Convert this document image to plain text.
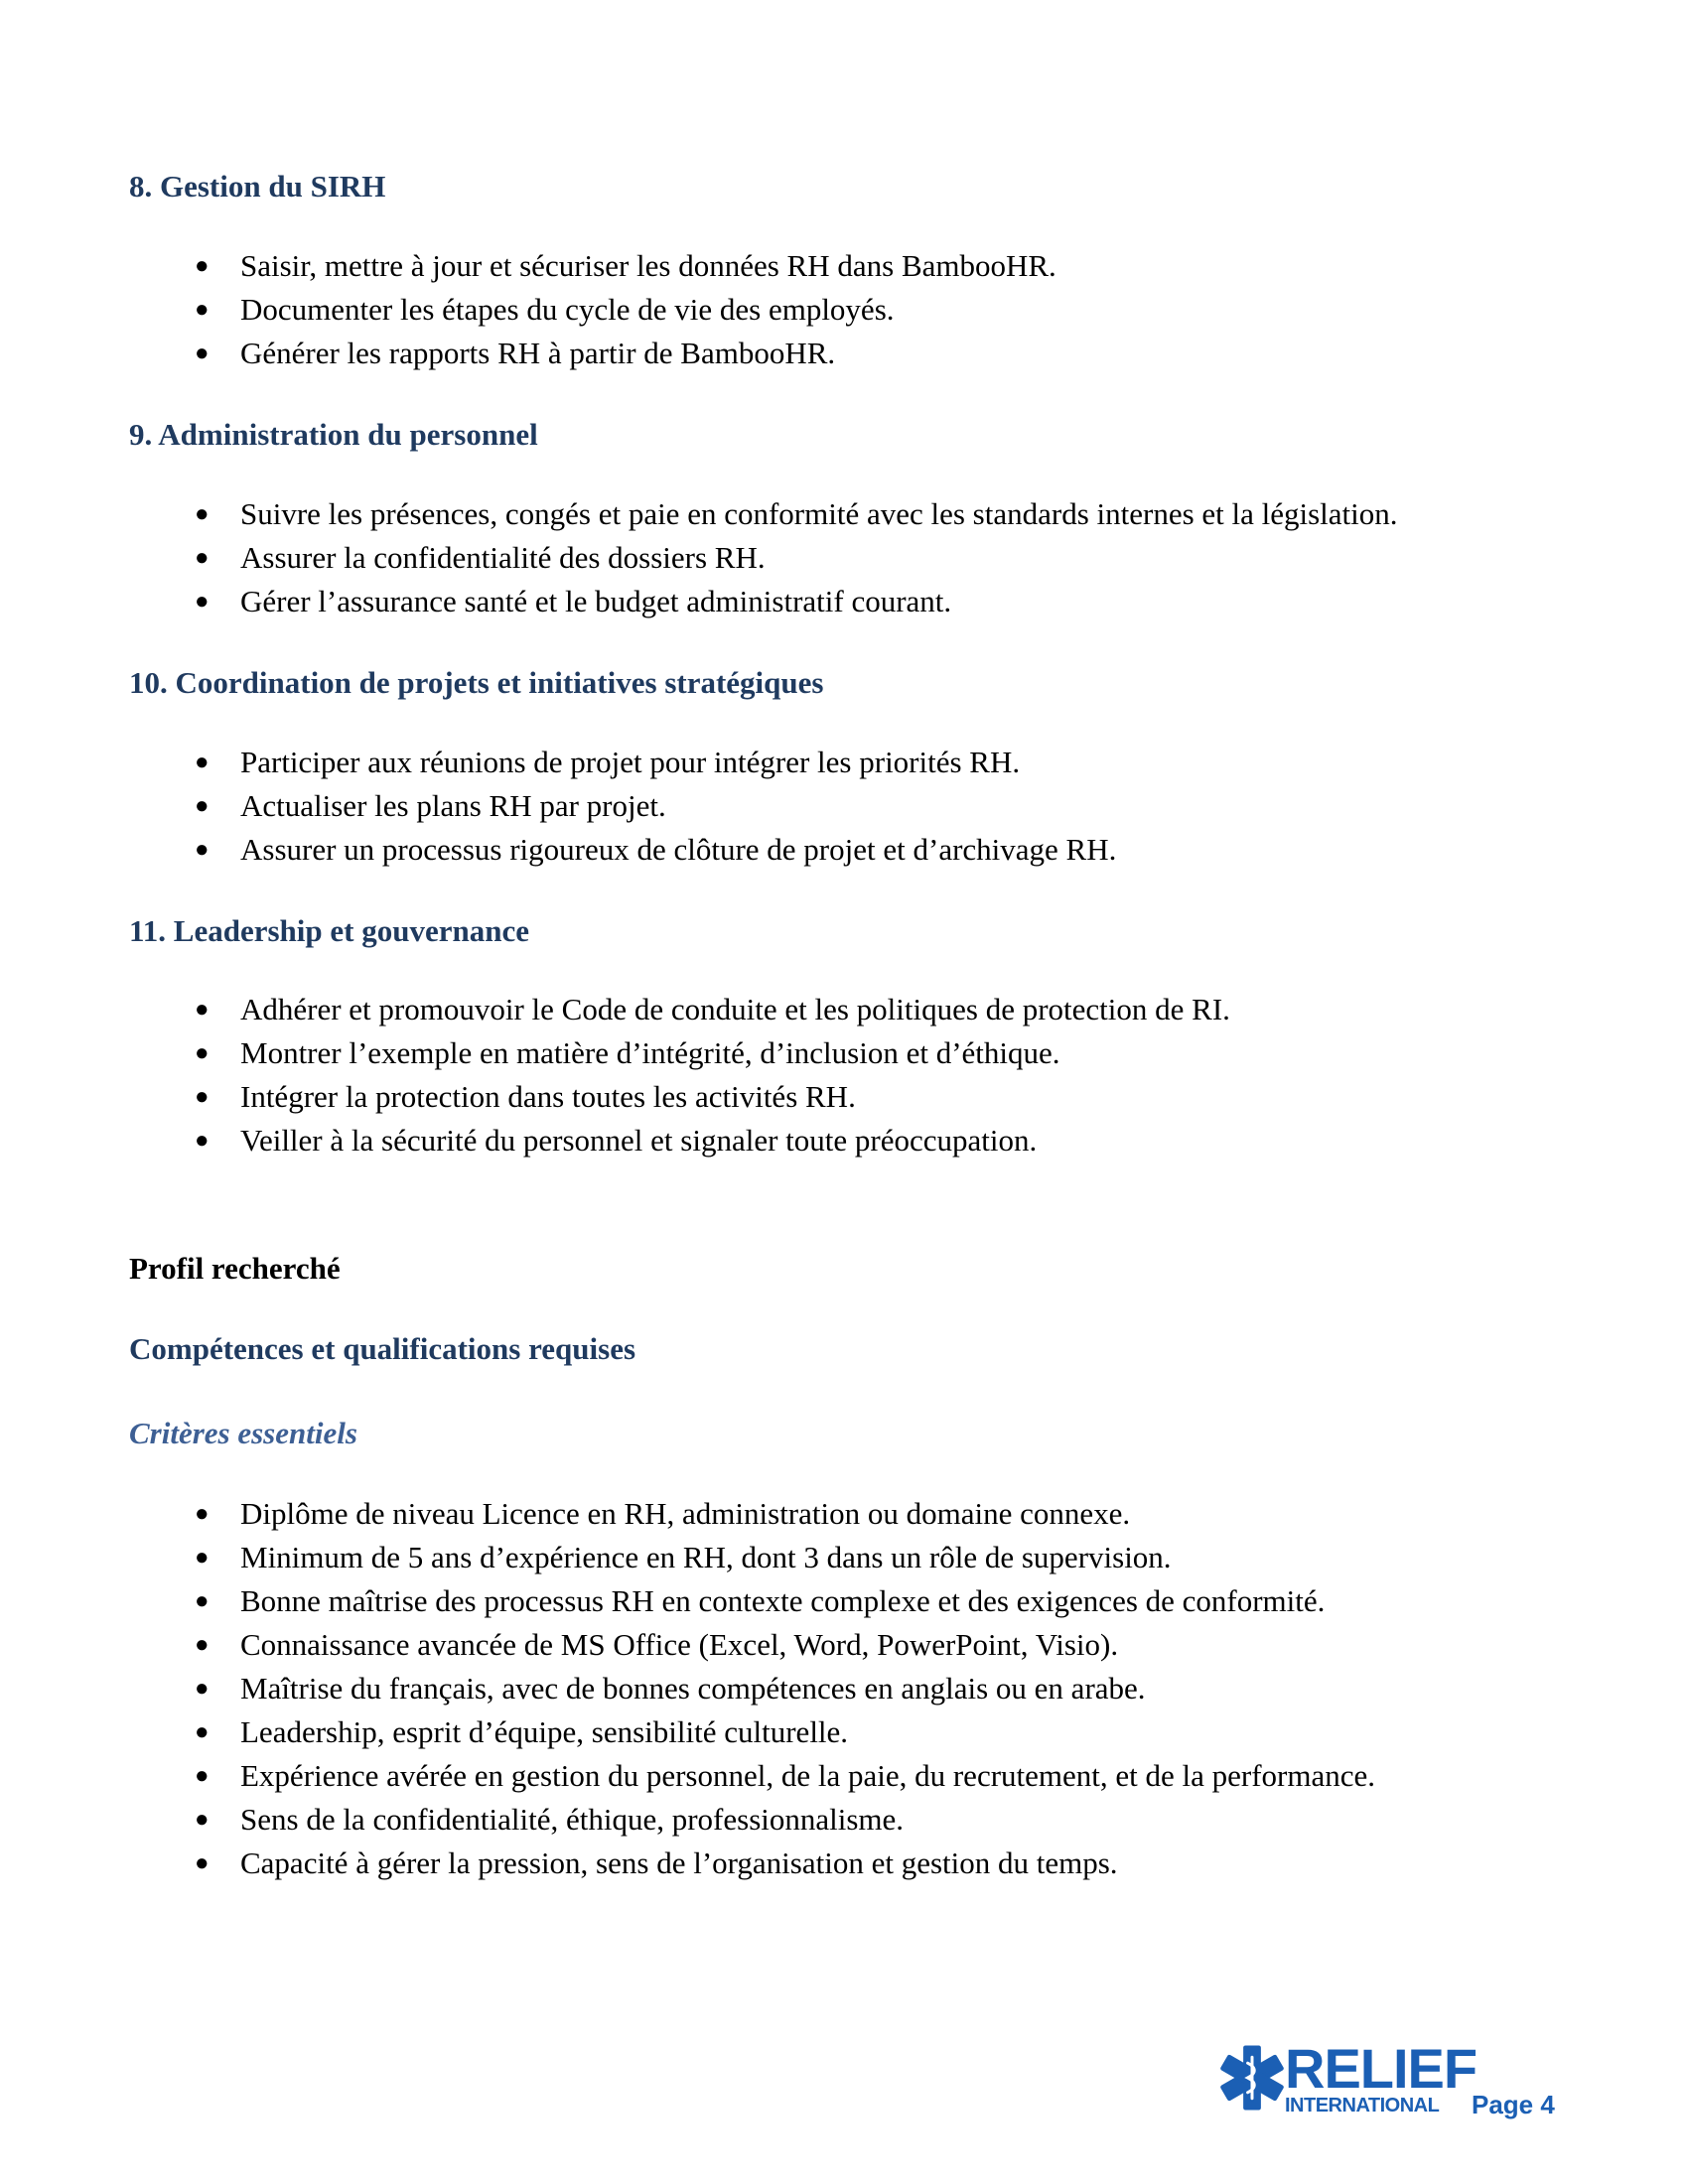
8. Gestion du SIRH
● Saisir, mettre à jour et sécuriser les données RH dans BambooHR.
● Documenter les étapes du cycle de vie des employés.
● Générer les rapports RH à partir de BambooHR.
9. Administration du personnel
● Suivre les présences, congés et paie en conformité avec les standards internes et la législation.
● Assurer la confidentialité des dossiers RH.
● Gérer l’assurance santé et le budget administratif courant.
10. Coordination de projets et initiatives stratégiques
● Participer aux réunions de projet pour intégrer les priorités RH.
● Actualiser les plans RH par projet.
● Assurer un processus rigoureux de clôture de projet et d’archivage RH.
11. Leadership et gouvernance
● Adhérer et promouvoir le Code de conduite et les politiques de protection de RI.
● Montrer l’exemple en matière d’intégrité, d’inclusion et d’éthique.
● Intégrer la protection dans toutes les activités RH.
● Veiller à la sécurité du personnel et signaler toute préoccupation.
Profil recherché
Compétences et qualifications requises
Critères essentiels
● Diplôme de niveau Licence en RH, administration ou domaine connexe.
● Minimum de 5 ans d’expérience en RH, dont 3 dans un rôle de supervision.
● Bonne maîtrise des processus RH en contexte complexe et des exigences de conformité.
● Connaissance avancée de MS Office (Excel, Word, PowerPoint, Visio).
● Maîtrise du français, avec de bonnes compétences en anglais ou en arabe.
● Leadership, esprit d’équipe, sensibilité culturelle.
● Expérience avérée en gestion du personnel, de la paie, du recrutement, et de la performance.
● Sens de la confidentialité, éthique, professionnalisme.
● Capacité à gérer la pression, sens de l’organisation et gestion du temps.
RELIEF
INTERNATIONAL Page 4
